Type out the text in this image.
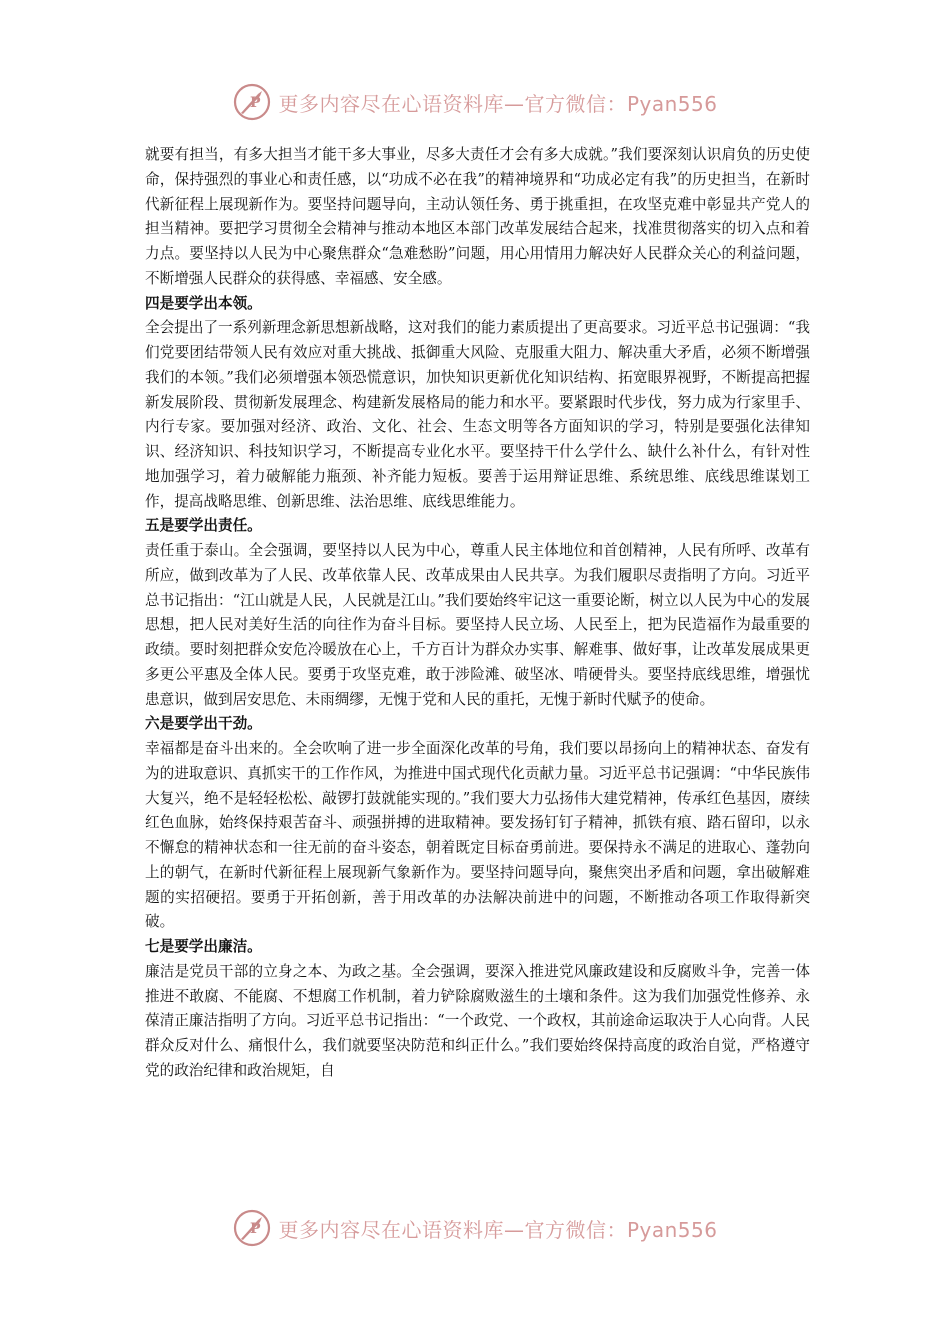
P 更多内容尽在心语资料库—官方微信：Pyan556

就要有担当，有多大担当才能干多大事业，尽多大责任才会有多大成就。”我们要深刻认识肩负的历史使命，保持强烈的事业心和责任感，以“功成不必在我”的精神境界和“功成必定有我”的历史担当，在新时代新征程上展现新作为。要坚持问题导向，主动认领任务、勇于挑重担，在攻坚克难中彰显共产党人的担当精神。要把学习贯彻全会精神与推动本地区本部门改革发展结合起来，找准贯彻落实的切入点和着力点。要坚持以人民为中心聚焦群众“急难愁盼”问题，用心用情用力解决好人民群众关心的利益问题，不断增强人民群众的获得感、幸福感、安全感。

四是要学出本领。

全会提出了一系列新理念新思想新战略，这对我们的能力素质提出了更高要求。习近平总书记强调：“我们党要团结带领人民有效应对重大挑战、抵御重大风险、克服重大阻力、解决重大矛盾，必须不断增强我们的本领。”我们必须增强本领恐慌意识，加快知识更新优化知识结构、拓宽眼界视野，不断提高把握新发展阶段、贯彻新发展理念、构建新发展格局的能力和水平。要紧跟时代步伐，努力成为行家里手、内行专家。要加强对经济、政治、文化、社会、生态文明等各方面知识的学习，特别是要强化法律知识、经济知识、科技知识学习，不断提高专业化水平。要坚持干什么学什么、缺什么补什么，有针对性地加强学习，着力破解能力瓶颈、补齐能力短板。要善于运用辩证思维、系统思维、底线思维谋划工作，提高战略思维、创新思维、法治思维、底线思维能力。

五是要学出责任。

责任重于泰山。全会强调，要坚持以人民为中心，尊重人民主体地位和首创精神，人民有所呼、改革有所应，做到改革为了人民、改革依靠人民、改革成果由人民共享。为我们履职尽责指明了方向。习近平总书记指出：“江山就是人民，人民就是江山。”我们要始终牢记这一重要论断，树立以人民为中心的发展思想，把人民对美好生活的向往作为奋斗目标。要坚持人民立场、人民至上，把为民造福作为最重要的政绩。要时刻把群众安危冷暖放在心上，千方百计为群众办实事、解难事、做好事，让改革发展成果更多更公平惠及全体人民。要勇于攻坚克难，敢于涉险滩、破坚冰、啃硬骨头。要坚持底线思维，增强忧患意识，做到居安思危、未雨绸缪，无愧于党和人民的重托，无愧于新时代赋予的使命。

六是要学出干劲。

幸福都是奋斗出来的。全会吹响了进一步全面深化改革的号角，我们要以昂扬向上的精神状态、奋发有为的进取意识、真抓实干的工作作风，为推进中国式现代化贡献力量。习近平总书记强调：“中华民族伟大复兴，绝不是轻轻松松、敲锣打鼓就能实现的。”我们要大力弘扬伟大建党精神，传承红色基因，赓续红色血脉，始终保持艰苦奋斗、顽强拼搏的进取精神。要发扬钉钉子精神，抓铁有痕、踏石留印，以永不懈怠的精神状态和一往无前的奋斗姿态，朝着既定目标奋勇前进。要保持永不满足的进取心、蓬勃向上的朝气，在新时代新征程上展现新气象新作为。要坚持问题导向，聚焦突出矛盾和问题，拿出破解难题的实招硬招。要勇于开拓创新，善于用改革的办法解决前进中的问题，不断推动各项工作取得新突破。

七是要学出廉洁。

廉洁是党员干部的立身之本、为政之基。全会强调，要深入推进党风廉政建设和反腐败斗争，完善一体推进不敢腐、不能腐、不想腐工作机制，着力铲除腐败滋生的土壤和条件。这为我们加强党性修养、永葆清正廉洁指明了方向。习近平总书记指出：“一个政党、一个政权，其前途命运取决于人心向背。人民群众反对什么、痛恨什么，我们就要坚决防范和纠正什么。”我们要始终保持高度的政治自觉，严格遵守党的政治纪律和政治规矩，自

P 更多内容尽在心语资料库—官方微信：Pyan556
